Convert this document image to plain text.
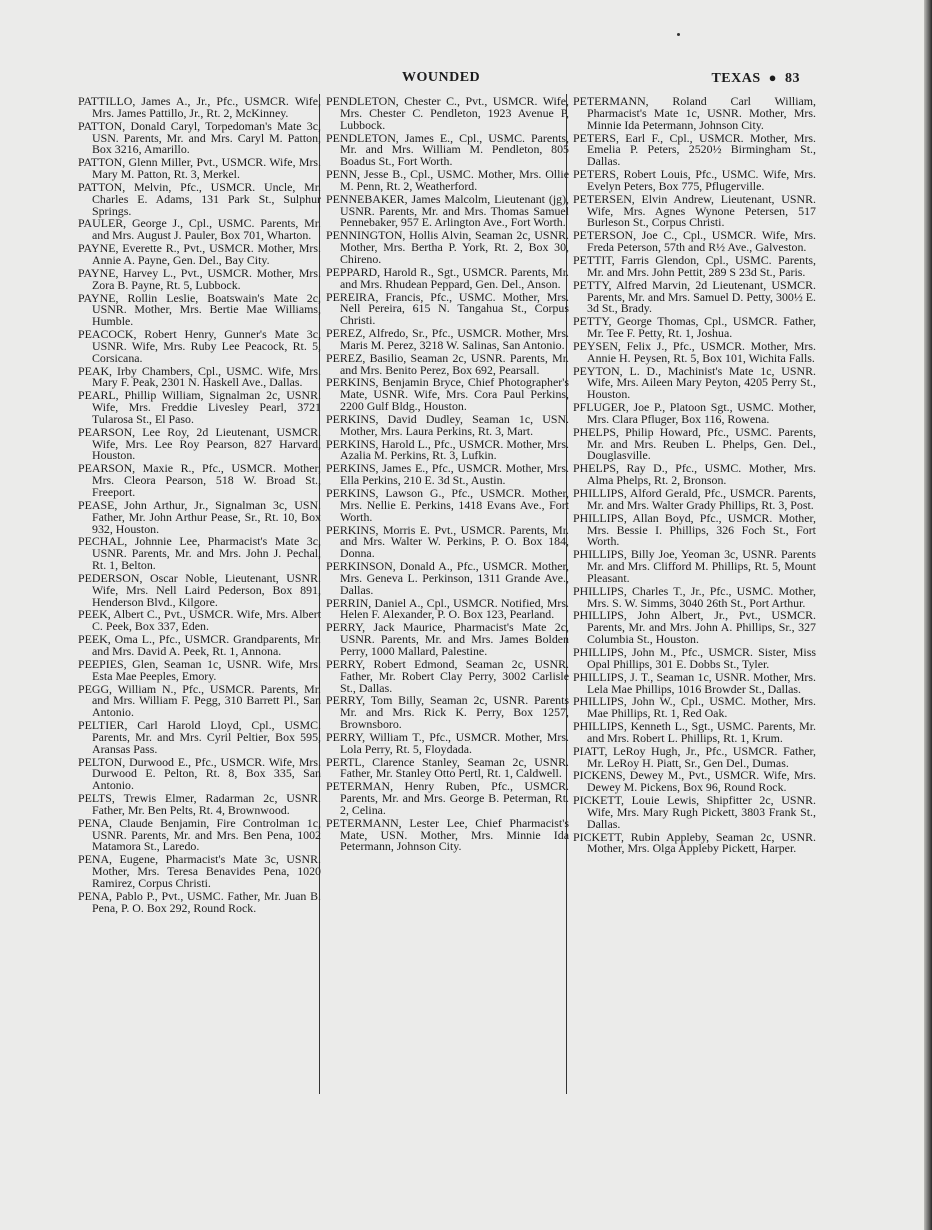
WOUNDED	TEXAS ● 83

PATTILLO, James A., Jr., Pfc., USMCR. Wife, Mrs. James Pattillo, Jr., Rt. 2, McKinney.

PATTON, Donald Caryl, Torpedoman's Mate 3c, USN. Parents, Mr. and Mrs. Caryl M. Patton, Box 3216, Amarillo.

PATTON, Glenn Miller, Pvt., USMCR. Wife, Mrs. Mary M. Patton, Rt. 3, Merkel.

PATTON, Melvin, Pfc., USMCR. Uncle, Mr. Charles E. Adams, 131 Park St., Sulphur Springs.

PAULER, George J., Cpl., USMC. Parents, Mr. and Mrs. August J. Pauler, Box 701, Wharton.

PAYNE, Everette R., Pvt., USMCR. Mother, Mrs. Annie A. Payne, Gen. Del., Bay City.

PAYNE, Harvey L., Pvt., USMCR. Mother, Mrs. Zora B. Payne, Rt. 5, Lubbock.

PAYNE, Rollin Leslie, Boatswain's Mate 2c, USNR. Mother, Mrs. Bertie Mae Williams, Humble.

PEACOCK, Robert Henry, Gunner's Mate 3c, USNR. Wife, Mrs. Ruby Lee Peacock, Rt. 5, Corsicana.

PEAK, Irby Chambers, Cpl., USMC. Wife, Mrs. Mary F. Peak, 2301 N. Haskell Ave., Dallas.

PEARL, Phillip William, Signalman 2c, USNR. Wife, Mrs. Freddie Livesley Pearl, 3721 Tularosa St., El Paso.

PEARSON, Lee Roy, 2d Lieutenant, USMCR. Wife, Mrs. Lee Roy Pearson, 827 Harvard, Houston.

PEARSON, Maxie R., Pfc., USMCR. Mother, Mrs. Cleora Pearson, 518 W. Broad St., Freeport.

PEASE, John Arthur, Jr., Signalman 3c, USN. Father, Mr. John Arthur Pease, Sr., Rt. 10, Box 932, Houston.

PECHAL, Johnnie Lee, Pharmacist's Mate 3c, USNR. Parents, Mr. and Mrs. John J. Pechal, Rt. 1, Belton.

PEDERSON, Oscar Noble, Lieutenant, USNR. Wife, Mrs. Nell Laird Pederson, Box 891, Henderson Blvd., Kilgore.

PEEK, Albert C., Pvt., USMCR. Wife, Mrs. Albert C. Peek, Box 337, Eden.

PEEK, Oma L., Pfc., USMCR. Grandparents, Mr. and Mrs. David A. Peek, Rt. 1, Annona.

PEEPIES, Glen, Seaman 1c, USNR. Wife, Mrs. Esta Mae Peeples, Emory.

PEGG, William N., Pfc., USMCR. Parents, Mr. and Mrs. William F. Pegg, 310 Barrett Pl., San Antonio.

PELTIER, Carl Harold Lloyd, Cpl., USMC. Parents, Mr. and Mrs. Cyril Peltier, Box 595, Aransas Pass.

PELTON, Durwood E., Pfc., USMCR. Wife, Mrs. Durwood E. Pelton, Rt. 8, Box 335, San Antonio.

PELTS, Trewis Elmer, Radarman 2c, USNR. Father, Mr. Ben Pelts, Rt. 4, Brownwood.

PENA, Claude Benjamin, Fire Controlman 1c, USNR. Parents, Mr. and Mrs. Ben Pena, 1002 Matamora St., Laredo.

PENA, Eugene, Pharmacist's Mate 3c, USNR. Mother, Mrs. Teresa Benavides Pena, 1020 Ramirez, Corpus Christi.

PENA, Pablo P., Pvt., USMC. Father, Mr. Juan B. Pena, P. O. Box 292, Round Rock.

PENDLETON, Chester C., Pvt., USMCR. Wife, Mrs. Chester C. Pendleton, 1923 Avenue P, Lubbock.

PENDLETON, James E., Cpl., USMC. Parents, Mr. and Mrs. William M. Pendleton, 805 Boadus St., Fort Worth.

PENN, Jesse B., Cpl., USMC. Mother, Mrs. Ollie M. Penn, Rt. 2, Weatherford.

PENNEBAKER, James Malcolm, Lieutenant (jg), USNR. Parents, Mr. and Mrs. Thomas Samuel Pennebaker, 957 E. Arlington Ave., Fort Worth.

PENNINGTON, Hollis Alvin, Seaman 2c, USNR. Mother, Mrs. Bertha P. York, Rt. 2, Box 30, Chireno.

PEPPARD, Harold R., Sgt., USMCR. Parents, Mr. and Mrs. Rhudean Peppard, Gen. Del., Anson.

PEREIRA, Francis, Pfc., USMC. Mother, Mrs. Nell Pereira, 615 N. Tangahua St., Corpus Christi.

PEREZ, Alfredo, Sr., Pfc., USMCR. Mother, Mrs. Maris M. Perez, 3218 W. Salinas, San Antonio.

PEREZ, Basilio, Seaman 2c, USNR. Parents, Mr. and Mrs. Benito Perez, Box 692, Pearsall.

PERKINS, Benjamin Bryce, Chief Photographer's Mate, USNR. Wife, Mrs. Cora Paul Perkins, 2200 Gulf Bldg., Houston.

PERKINS, David Dudley, Seaman 1c, USN. Mother, Mrs. Laura Perkins, Rt. 3, Mart.

PERKINS, Harold L., Pfc., USMCR. Mother, Mrs. Azalia M. Perkins, Rt. 3, Lufkin.

PERKINS, James E., Pfc., USMCR. Mother, Mrs. Ella Perkins, 210 E. 3d St., Austin.

PERKINS, Lawson G., Pfc., USMCR. Mother, Mrs. Nellie E. Perkins, 1418 Evans Ave., Fort Worth.

PERKINS, Morris E. Pvt., USMCR. Parents, Mr. and Mrs. Walter W. Perkins, P. O. Box 184, Donna.

PERKINSON, Donald A., Pfc., USMCR. Mother, Mrs. Geneva L. Perkinson, 1311 Grande Ave., Dallas.

PERRIN, Daniel A., Cpl., USMCR. Notified, Mrs. Helen F. Alexander, P. O. Box 123, Pearland.

PERRY, Jack Maurice, Pharmacist's Mate 2c, USNR. Parents, Mr. and Mrs. James Bolden Perry, 1000 Mallard, Palestine.

PERRY, Robert Edmond, Seaman 2c, USNR. Father, Mr. Robert Clay Perry, 3002 Carlisle St., Dallas.

PERRY, Tom Billy, Seaman 2c, USNR. Parents Mr. and Mrs. Rick K. Perry, Box 1257, Brownsboro.

PERRY, William T., Pfc., USMCR. Mother, Mrs. Lola Perry, Rt. 5, Floydada.

PERTL, Clarence Stanley, Seaman 2c, USNR. Father, Mr. Stanley Otto Pertl, Rt. 1, Caldwell.

PETERMAN, Henry Ruben, Pfc., USMCR. Parents, Mr. and Mrs. George B. Peterman, Rt. 2, Celina.

PETERMANN, Lester Lee, Chief Pharmacist's Mate, USN. Mother, Mrs. Minnie Ida Petermann, Johnson City.

PETERMANN, Roland Carl William, Pharmacist's Mate 1c, USNR. Mother, Mrs. Minnie Ida Petermann, Johnson City.

PETERS, Earl F., Cpl., USMCR. Mother, Mrs. Emelia P. Peters, 2520½ Birmingham St., Dallas.

PETERS, Robert Louis, Pfc., USMC. Wife, Mrs. Evelyn Peters, Box 775, Pflugerville.

PETERSEN, Elvin Andrew, Lieutenant, USNR. Wife, Mrs. Agnes Wynone Petersen, 517 Burleson St., Corpus Christi.

PETERSON, Joe C., Cpl., USMCR. Wife, Mrs. Freda Peterson, 57th and R½ Ave., Galveston.

PETTIT, Farris Glendon, Cpl., USMC. Parents, Mr. and Mrs. John Pettit, 289 S 23d St., Paris.

PETTY, Alfred Marvin, 2d Lieutenant, USMCR. Parents, Mr. and Mrs. Samuel D. Petty, 300½ E. 3d St., Brady.

PETTY, George Thomas, Cpl., USMCR. Father, Mr. Tee F. Petty, Rt. 1, Joshua.

PEYSEN, Felix J., Pfc., USMCR. Mother, Mrs. Annie H. Peysen, Rt. 5, Box 101, Wichita Falls.

PEYTON, L. D., Machinist's Mate 1c, USNR. Wife, Mrs. Aileen Mary Peyton, 4205 Perry St., Houston.

PFLUGER, Joe P., Platoon Sgt., USMC. Mother, Mrs. Clara Pfluger, Box 116, Rowena.

PHELPS, Philip Howard, Pfc., USMC. Parents, Mr. and Mrs. Reuben L. Phelps, Gen. Del., Douglasville.

PHELPS, Ray D., Pfc., USMC. Mother, Mrs. Alma Phelps, Rt. 2, Bronson.

PHILLIPS, Alford Gerald, Pfc., USMCR. Parents, Mr. and Mrs. Walter Grady Phillips, Rt. 3, Post.

PHILLIPS, Allan Boyd, Pfc., USMCR. Mother, Mrs. Bessie I. Phillips, 326 Foch St., Fort Worth.

PHILLIPS, Billy Joe, Yeoman 3c, USNR. Parents Mr. and Mrs. Clifford M. Phillips, Rt. 5, Mount Pleasant.

PHILLIPS, Charles T., Jr., Pfc., USMC. Mother, Mrs. S. W. Simms, 3040 26th St., Port Arthur.

PHILLIPS, John Albert, Jr., Pvt., USMCR. Parents, Mr. and Mrs. John A. Phillips, Sr., 327 Columbia St., Houston.

PHILLIPS, John M., Pfc., USMCR. Sister, Miss Opal Phillips, 301 E. Dobbs St., Tyler.

PHILLIPS, J. T., Seaman 1c, USNR. Mother, Mrs. Lela Mae Phillips, 1016 Browder St., Dallas.

PHILLIPS, John W., Cpl., USMC. Mother, Mrs. Mae Phillips, Rt. 1, Red Oak.

PHILLIPS, Kenneth L., Sgt., USMC. Parents, Mr. and Mrs. Robert L. Phillips, Rt. 1, Krum.

PIATT, LeRoy Hugh, Jr., Pfc., USMCR. Father, Mr. LeRoy H. Piatt, Sr., Gen Del., Dumas.

PICKENS, Dewey M., Pvt., USMCR. Wife, Mrs. Dewey M. Pickens, Box 96, Round Rock.

PICKETT, Louie Lewis, Shipfitter 2c, USNR. Wife, Mrs. Mary Rugh Pickett, 3803 Frank St., Dallas.

PICKETT, Rubin Appleby, Seaman 2c, USNR. Mother, Mrs. Olga Appleby Pickett, Harper.
